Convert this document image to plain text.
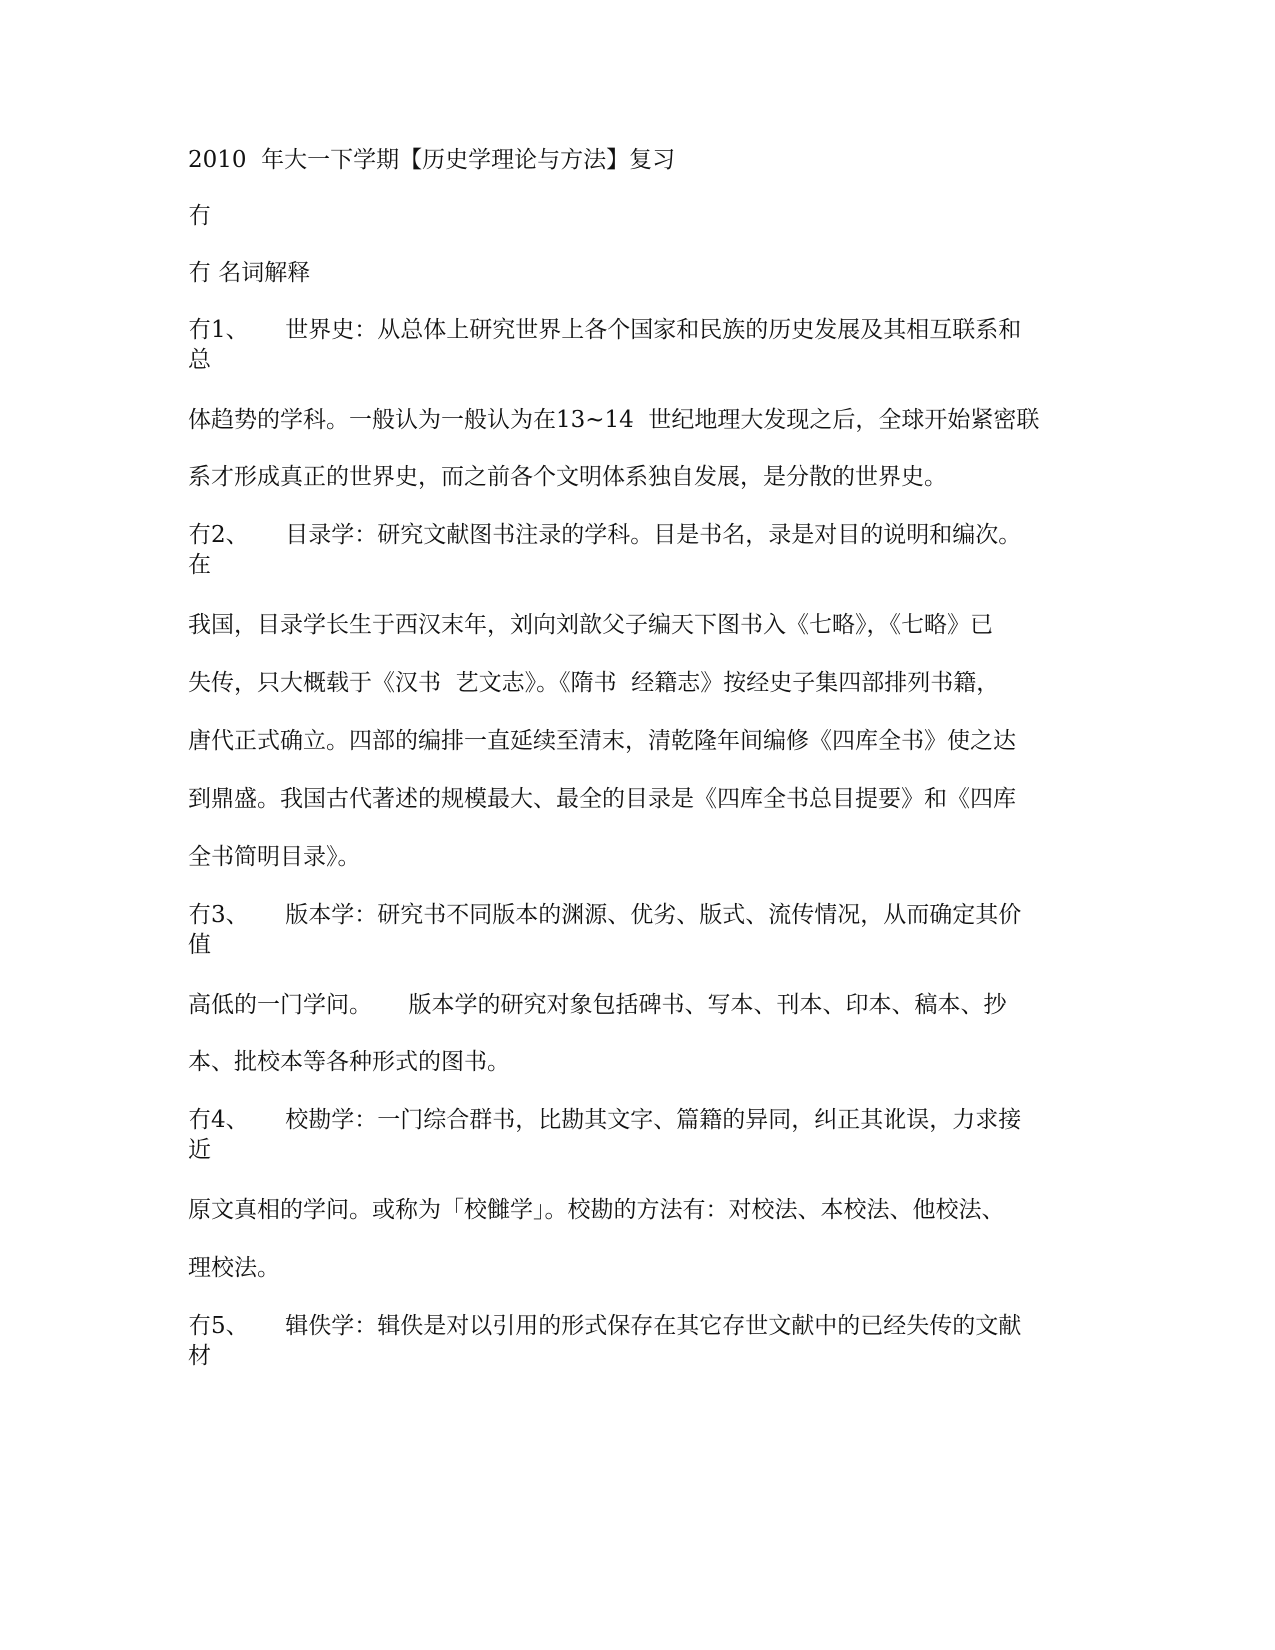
2010  年大一下学期【历史学理论与方法】复习
冇
冇 名词解释
冇1、     世界史：从总体上研究世界上各个国家和民族的历史发展及其相互联系和
总
体趋势的学科。一般认为一般认为在13~14  世纪地理大发现之后，全球开始紧密联
系才形成真正的世界史，而之前各个文明体系独自发展，是分散的世界史。
冇2、     目录学：研究文献图书注录的学科。目是书名，录是对目的说明和编次。
在
我国，目录学长生于西汉末年，刘向刘歆父子编天下图书入《七略》，《七略》已
失传，只大概载于《汉书  艺文志》。《隋书  经籍志》按经史子集四部排列书籍，
唐代正式确立。四部的编排一直延续至清末，清乾隆年间编修《四库全书》使之达
到鼎盛。我国古代著述的规模最大、最全的目录是《四库全书总目提要》和《四库
全书简明目录》。
冇3、     版本学：研究书不同版本的渊源、优劣、版式、流传情况，从而确定其价
值
高低的一门学问。     版本学的研究对象包括碑书、写本、刊本、印本、稿本、抄
本、批校本等各种形式的图书。
冇4、     校勘学：一门综合群书，比勘其文字、篇籍的异同，纠正其讹误，力求接
近
原文真相的学问。或称为「校雠学」。校勘的方法有：对校法、本校法、他校法、
理校法。
冇5、     辑佚学：辑佚是对以引用的形式保存在其它存世文献中的已经失传的文献
材
